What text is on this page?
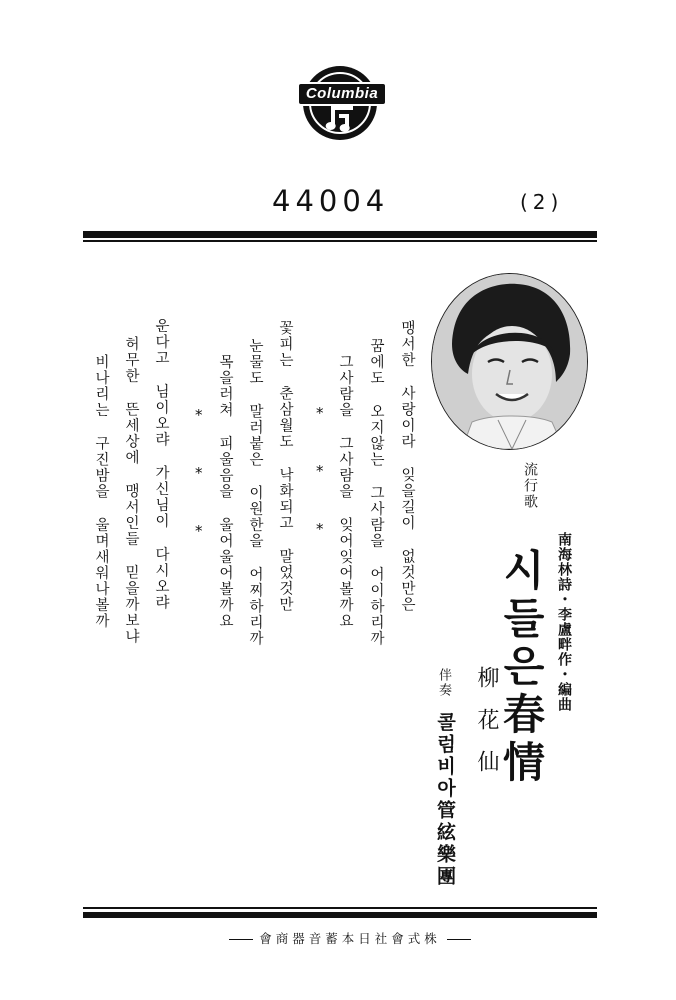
Columbia
44004	(2)
맹서한 사랑이라 잊을길이 없것만은
꿈에도 오지않는 그사람을 어이하리까
그사람을 그사람을 잊어잊어볼까요
*
*
*
꽃피는 춘삼월도 낙화되고 말었것만
눈물도 말러붙은 이원한을 어찌하리까
목을러쳐 피울음을 울어울어볼까요
*
*
*
운다고 님이오랴 가신님이 다시오랴
허무한 뜬세상에 맹서인들 믿을까보냐
비나리는 구진밤을 울며새워나볼까	流行歌
南海林詩・李盧畔作・編曲
시들은春情
柳花仙
伴奏
콜럼비아管絃樂團
會商器音蓄本日社會式株
